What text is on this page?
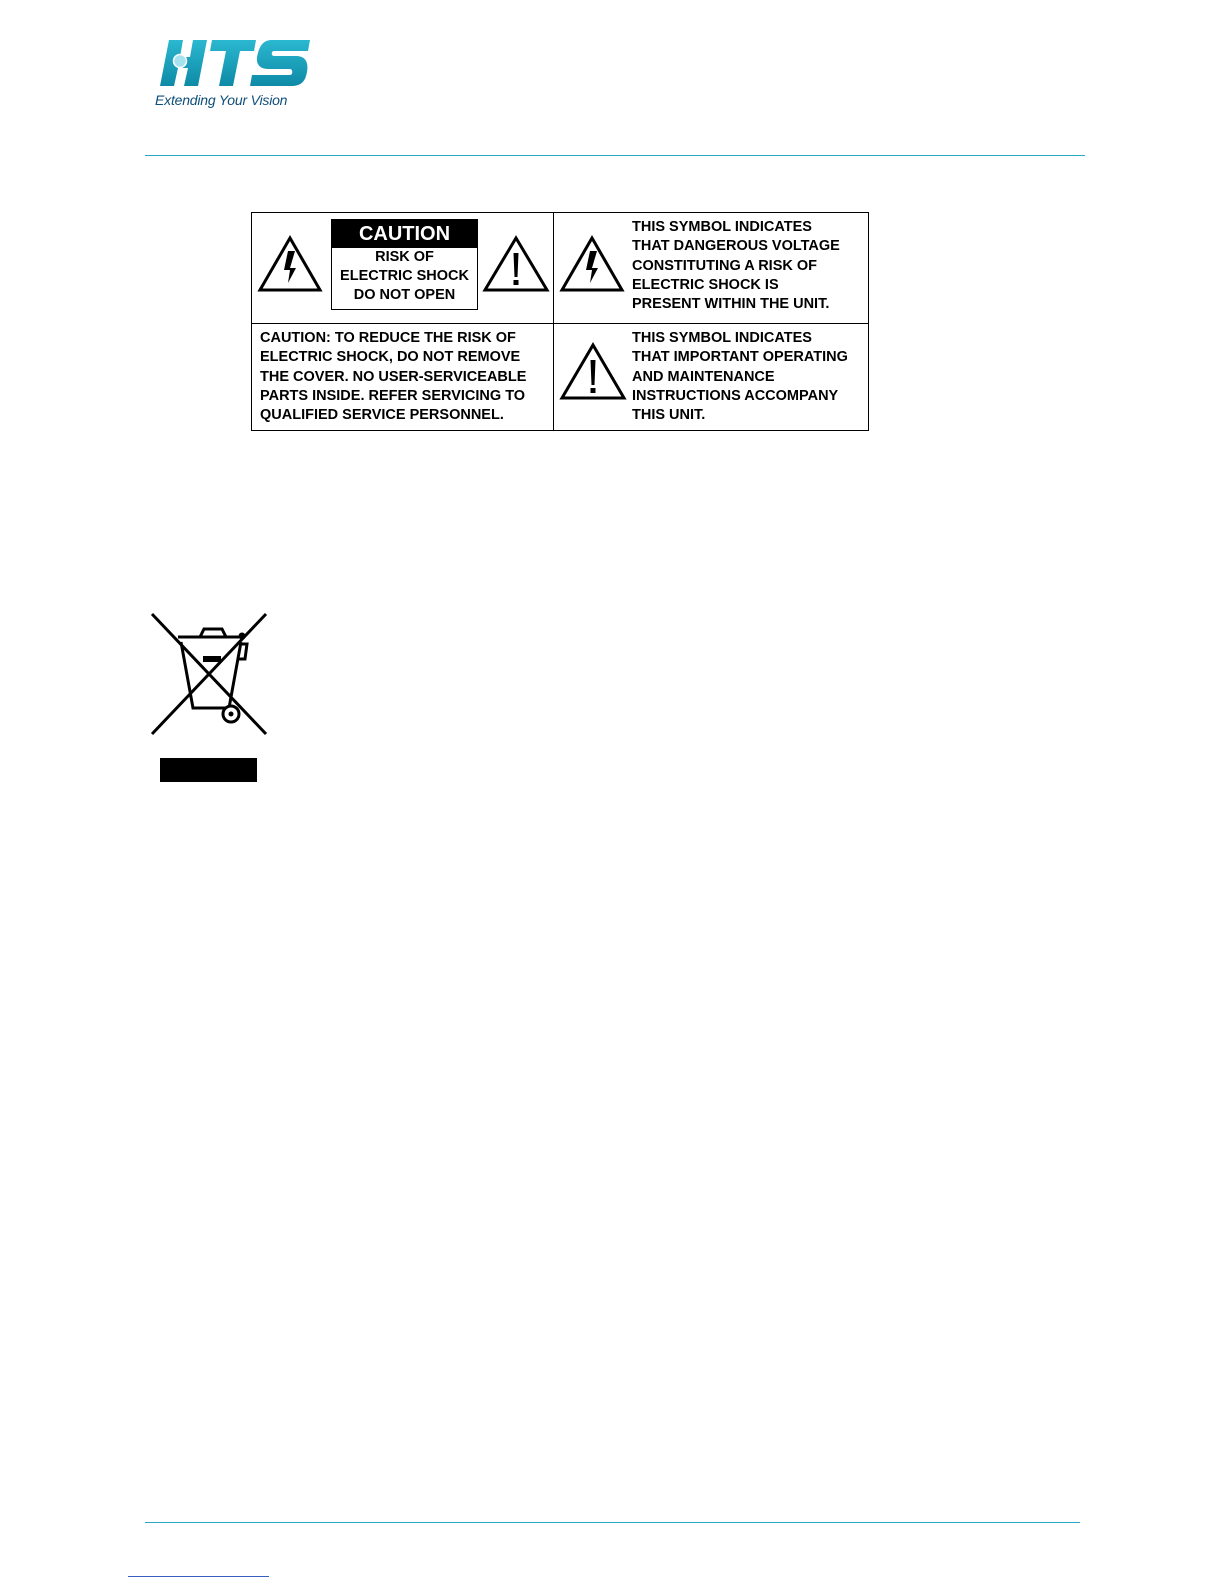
Extending Your Vision
CAUTION
RISK OF
ELECTRIC SHOCK
DO NOT OPEN
THIS SYMBOL INDICATES
THAT DANGEROUS VOLTAGE
CONSTITUTING A RISK OF
ELECTRIC SHOCK IS
PRESENT WITHIN THE UNIT.
CAUTION: TO REDUCE THE RISK OF
ELECTRIC SHOCK, DO NOT REMOVE
THE COVER. NO USER-SERVICEABLE
PARTS INSIDE. REFER SERVICING TO
QUALIFIED SERVICE PERSONNEL.
THIS SYMBOL INDICATES
THAT IMPORTANT OPERATING
AND MAINTENANCE
INSTRUCTIONS ACCOMPANY
THIS UNIT.
